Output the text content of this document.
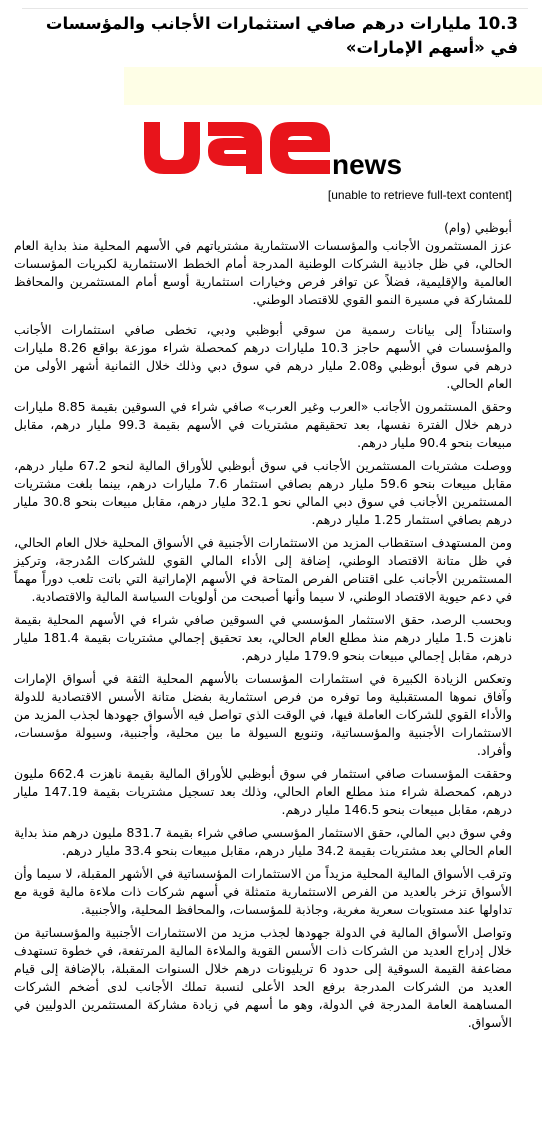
10.3 مليارات درهم صافي استثمارات الأجانب والمؤسسات في «أسهم الإمارات»
news
[unable to retrieve full-text content]

أبوظبي (وام)

عزز المستثمرون الأجانب والمؤسسات الاستثمارية مشترياتهم في الأسهم المحلية منذ بداية العام الحالي، في ظل جاذبية الشركات الوطنية المدرجة أمام الخطط الاستثمارية لكبريات المؤسسات العالمية والإقليمية، فضلاً عن توافر فرص وخيارات استثمارية أوسع أمام المستثمرين والمحافظ للمشاركة في مسيرة النمو القوي للاقتصاد الوطني.

واستناداً إلى بيانات رسمية من سوقي أبوظبي ودبي، تخطى صافي استثمارات الأجانب والمؤسسات في الأسهم حاجز 10.3 مليارات درهم كمحصلة شراء موزعة بواقع 8.26 مليارات درهم في سوق أبوظبي و2.08 مليار درهم في سوق دبي وذلك خلال الثمانية أشهر الأولى من العام الحالي.

وحقق المستثمرون الأجانب «العرب وغير العرب» صافي شراء في السوقين بقيمة 8.85 مليارات درهم خلال الفترة نفسها، بعد تحقيقهم مشتريات في الأسهم بقيمة 99.3 مليار درهم، مقابل مبيعات بنحو 90.4 مليار درهم.

ووصلت مشتريات المستثمرين الأجانب في سوق أبوظبي للأوراق المالية لنحو 67.2 مليار درهم، مقابل مبيعات بنحو 59.6 مليار درهم بصافي استثمار 7.6 مليارات درهم، بينما بلغت مشتريات المستثمرين الأجانب في سوق دبي المالي نحو 32.1 مليار درهم، مقابل مبيعات بنحو 30.8 مليار درهم بصافي استثمار 1.25 مليار درهم.

ومن المستهدف استقطاب المزيد من الاستثمارات الأجنبية في الأسواق المحلية خلال العام الحالي، في ظل متانة الاقتصاد الوطني، إضافة إلى الأداء المالي القوي للشركات المُدرجة، وتركيز المستثمرين الأجانب على اقتناص الفرص المتاحة في الأسهم الإماراتية التي باتت تلعب دوراً مهماً في دعم حيوية الاقتصاد الوطني، لا سيما وأنها أصبحت من أولويات السياسة المالية والاقتصادية.

وبحسب الرصد، حقق الاستثمار المؤسسي في السوقين صافي شراء في الأسهم المحلية بقيمة ناهزت 1.5 مليار درهم منذ مطلع العام الحالي، بعد تحقيق إجمالي مشتريات بقيمة 181.4 مليار درهم، مقابل إجمالي مبيعات بنحو 179.9 مليار درهم.

وتعكس الزيادة الكبيرة في استثمارات المؤسسات بالأسهم المحلية الثقة في أسواق الإمارات وآفاق نموها المستقبلية وما توفره من فرص استثمارية بفضل متانة الأسس الاقتصادية للدولة والأداء القوي للشركات العاملة فيها، في الوقت الذي تواصل فيه الأسواق جهودها لجذب المزيد من الاستثمارات الأجنبية والمؤسساتية، وتنويع السيولة ما بين محلية، وأجنبية، وسيولة مؤسسات، وأفراد.

وحققت المؤسسات صافي استثمار في سوق أبوظبي للأوراق المالية بقيمة ناهزت 662.4 مليون درهم، كمحصلة شراء منذ مطلع العام الحالي، وذلك بعد تسجيل مشتريات بقيمة 147.19 مليار درهم، مقابل مبيعات بنحو 146.5 مليار درهم.

وفي سوق دبي المالي، حقق الاستثمار المؤسسي صافي شراء بقيمة 831.7 مليون درهم منذ بداية العام الحالي بعد مشتريات بقيمة 34.2 مليار درهم، مقابل مبيعات بنحو 33.4 مليار درهم.

وترقب الأسواق المالية المحلية مزيداً من الاستثمارات المؤسساتية في الأشهر المقبلة، لا سيما وأن الأسواق تزخر بالعديد من الفرص الاستثمارية متمثلة في أسهم شركات ذات ملاءة مالية قوية مع تداولها عند مستويات سعرية مغرية، وجاذبة للمؤسسات، والمحافظ المحلية، والأجنبية.

وتواصل الأسواق المالية في الدولة جهودها لجذب مزيد من الاستثمارات الأجنبية والمؤسساتية من خلال إدراج العديد من الشركات ذات الأسس القوية والملاءة المالية المرتفعة، في خطوة تستهدف مضاعفة القيمة السوقية إلى حدود 6 تريليونات درهم خلال السنوات المقبلة، بالإضافة إلى قيام العديد من الشركات المدرجة برفع الحد الأعلى لنسبة تملك الأجانب لدى أضخم الشركات المساهمة العامة المدرجة في الدولة، وهو ما أسهم في زيادة مشاركة المستثمرين الدوليين في الأسواق.
